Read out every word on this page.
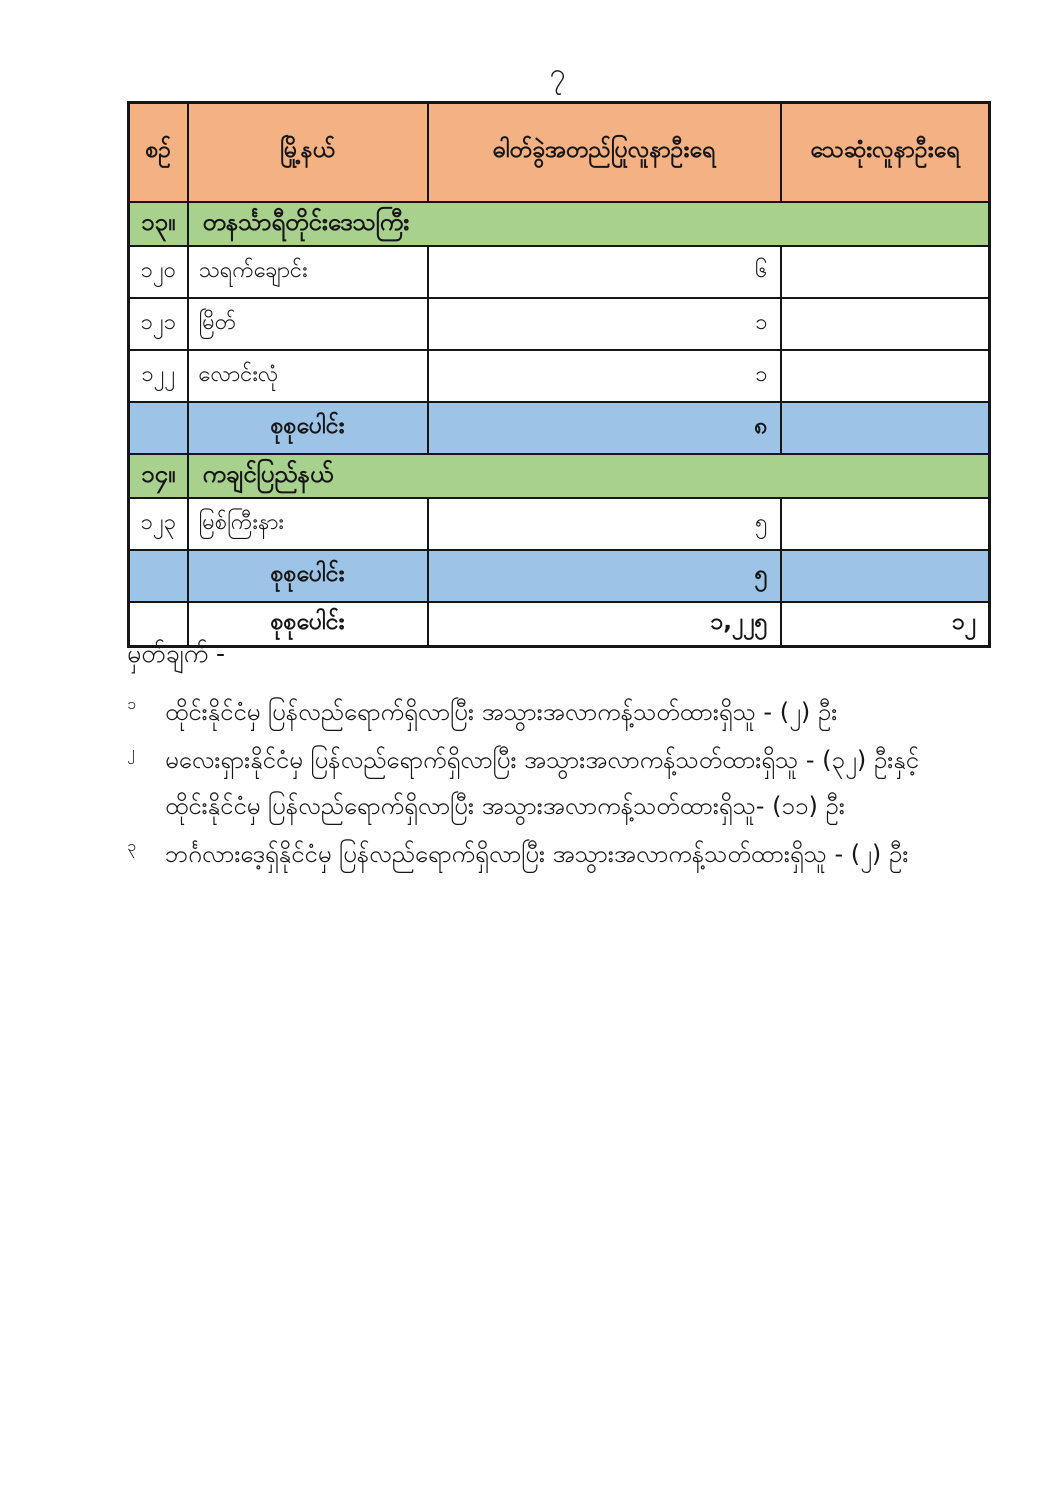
၇
စဉ်	မြို့နယ်	ဓါတ်ခွဲအတည်ပြုလူနာဦးရေ	သေဆုံးလူနာဦးရေ
၁၃။	တနင်္သာရီတိုင်းဒေသကြီး		
၁၂၀	သရက်ချောင်း	၆	
၁၂၁	မြိတ်	၁	
၁၂၂	လောင်းလုံ	၁	
	စုစုပေါင်း	၈	
၁၄။	ကချင်ပြည်နယ်		
၁၂၃	မြစ်ကြီးနား	၅	
	စုစုပေါင်း	၅	
	စုစုပေါင်း	၁,၂၂၅	၁၂
မှတ်ချက် -
၁	ထိုင်းနိုင်ငံမှ ပြန်လည်ရောက်ရှိလာပြီး အသွားအလာကန့်သတ်ထားရှိသူ - (၂) ဦး
၂	မလေးရှားနိုင်ငံမှ ပြန်လည်ရောက်ရှိလာပြီး အသွားအလာကန့်သတ်ထားရှိသူ - (၃၂) ဦးနှင့်
ထိုင်းနိုင်ငံမှ ပြန်လည်ရောက်ရှိလာပြီး အသွားအလာကန့်သတ်ထားရှိသူ- (၁၁) ဦး
၃	ဘင်္ဂလားဒေ့ရှ်နိုင်ငံမှ ပြန်လည်ရောက်ရှိလာပြီး အသွားအလာကန့်သတ်ထားရှိသူ - (၂) ဦး
